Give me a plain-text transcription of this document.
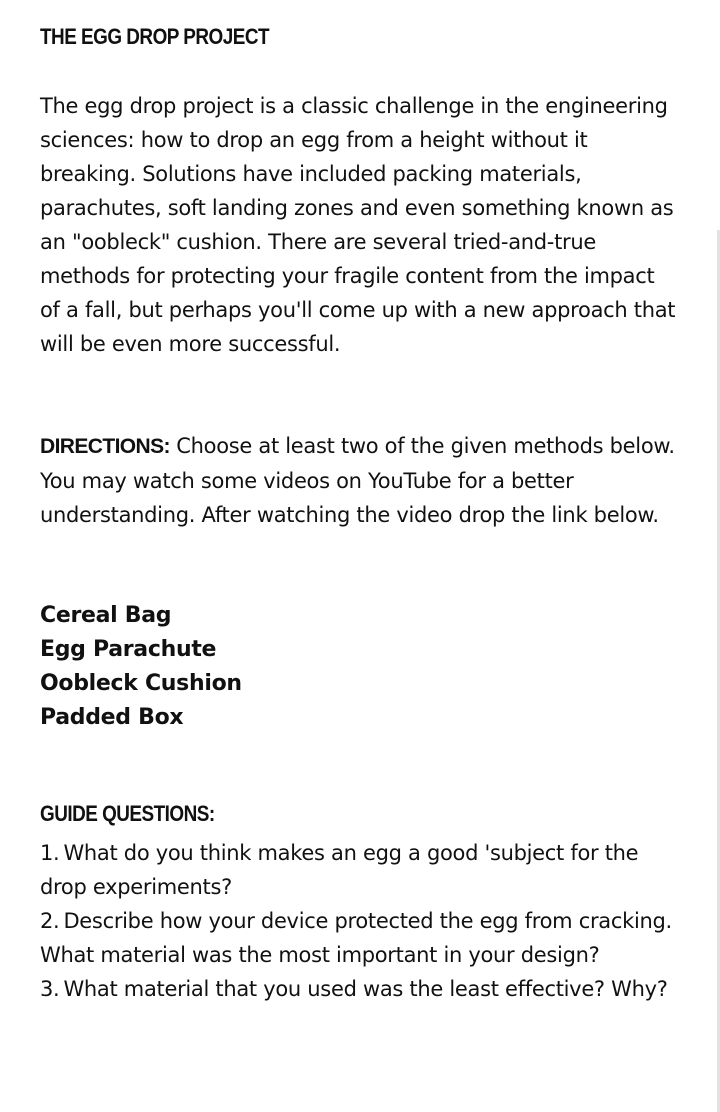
THE EGG DROP PROJECT

The egg drop project is a classic challenge in the engineering sciences: how to drop an egg from a height without it breaking. Solutions have included packing materials, parachutes, soft landing zones and even something known as an "oobleck" cushion. There are several tried-and-true methods for protecting your fragile content from the impact of a fall, but perhaps you'll come up with a new approach that will be even more successful.

DIRECTIONS: Choose at least two of the given methods below. You may watch some videos on YouTube for a better understanding. After watching the video drop the link below.

Cereal Bag
Egg Parachute
Oobleck Cushion
Padded Box
GUIDE QUESTIONS:
1. What do you think makes an egg a good 'subject for the drop experiments?
2. Describe how your device protected the egg from cracking. What material was the most important in your design?
3. What material that you used was the least effective? Why?
